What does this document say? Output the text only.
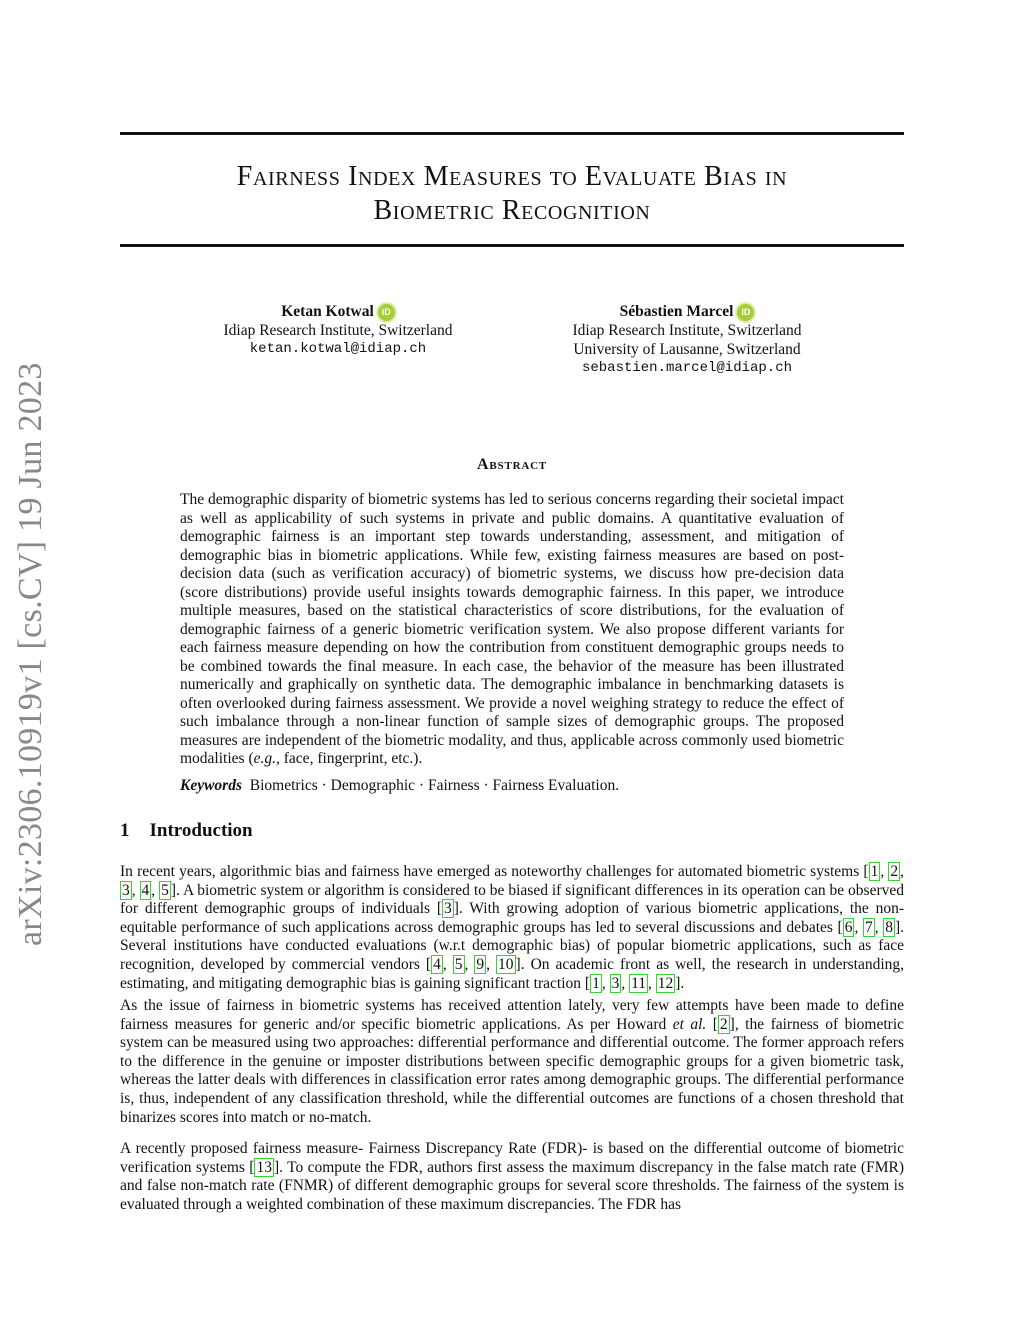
arXiv:2306.10919v1 [cs.CV] 19 Jun 2023
Fairness Index Measures to Evaluate Bias in
Biometric Recognition
Ketan Kotwal iD
Idiap Research Institute, Switzerland
ketan.kotwal@idiap.ch
Sébastien Marcel iD
Idiap Research Institute, Switzerland
University of Lausanne, Switzerland
sebastien.marcel@idiap.ch
Abstract
The demographic disparity of biometric systems has led to serious concerns regarding their societal impact as well as applicability of such systems in private and public domains. A quantitative evaluation of demographic fairness is an important step towards understanding, assessment, and mitigation of demographic bias in biometric applications. While few, existing fairness measures are based on post-decision data (such as verification accuracy) of biometric systems, we discuss how pre-decision data (score distributions) provide useful insights towards demographic fairness. In this paper, we introduce multiple measures, based on the statistical characteristics of score distributions, for the evaluation of demographic fairness of a generic biometric verification system. We also propose different variants for each fairness measure depending on how the contribution from constituent demographic groups needs to be combined towards the final measure. In each case, the behavior of the measure has been illustrated numerically and graphically on synthetic data. The demographic imbalance in benchmarking datasets is often overlooked during fairness assessment. We provide a novel weighing strategy to reduce the effect of such imbalance through a non-linear function of sample sizes of demographic groups. The proposed measures are independent of the biometric modality, and thus, applicable across commonly used biometric modalities (e.g., face, fingerprint, etc.).
Keywords Biometrics · Demographic · Fairness · Fairness Evaluation.
1 Introduction
In recent years, algorithmic bias and fairness have emerged as noteworthy challenges for automated biometric systems [ 1 , 2 , 3 , 4 , 5 ]. A biometric system or algorithm is considered to be biased if significant differences in its operation can be observed for different demographic groups of individuals [ 3 ]. With growing adoption of various biometric applications, the non-equitable performance of such applications across demographic groups has led to several discussions and debates [ 6 , 7 , 8 ]. Several institutions have conducted evaluations (w.r.t demographic bias) of popular biometric applications, such as face recognition, developed by commercial vendors [ 4 , 5 , 9 , 10 ]. On academic front as well, the research in understanding, estimating, and mitigating demographic bias is gaining significant traction [ 1 , 3 , 11 , 12 ].
As the issue of fairness in biometric systems has received attention lately, very few attempts have been made to define fairness measures for generic and/or specific biometric applications. As per Howard et al. [ 2 ], the fairness of biometric system can be measured using two approaches: differential performance and differential outcome. The former approach refers to the difference in the genuine or imposter distributions between specific demographic groups for a given biometric task, whereas the latter deals with differences in classification error rates among demographic groups. The differential performance is, thus, independent of any classification threshold, while the differential outcomes are functions of a chosen threshold that binarizes scores into match or no-match.
A recently proposed fairness measure- Fairness Discrepancy Rate (FDR)- is based on the differential outcome of biometric verification systems [ 13 ]. To compute the FDR, authors first assess the maximum discrepancy in the false match rate (FMR) and false non-match rate (FNMR) of different demographic groups for several score thresholds. The fairness of the system is evaluated through a weighted combination of these maximum discrepancies. The FDR has
